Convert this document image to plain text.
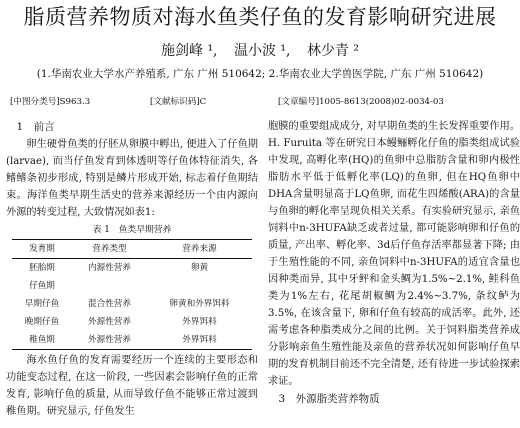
脂质营养物质对海水鱼类仔鱼的发育影响研究进展
施剑峰 ¹, 温小波 ¹, 林少青 ²
(1.华南农业大学水产养殖系, 广东 广州 510642; 2.华南农业大学兽医学院, 广东 广州 510642)
[中图分类号]S963.3	[文献标识码]C	[文章编号]1005-8613(2008)02-0034-03

1　前言

卵生硬骨鱼类的仔胚从卵膜中孵出, 便进入了仔鱼期(larvae), 而当仔鱼发育到体透明等仔鱼体特征消失, 各鳍鳍条初步形成, 特别是鳞片形成开始, 标志着仔鱼期结束。海洋鱼类早期生活史的营养来源经历一个由内源向外源的转变过程, 大致情况如表1:

表 1　鱼类早期营养
发育期	营养类型	营养来源
胚胎期	内源性营养	卵黄
仔鱼期		
早期仔鱼	混合性营养	卵黄和外界饵料
晚期仔鱼	外源性营养	外界饵料
稚鱼期	外源性营养	外界饵料

海水鱼仔鱼的发育需要经历一个连续的主要形态和功能变态过程, 在这一阶段, 一些因素会影响仔鱼的正常发育, 影响仔鱼的质量, 从而导致仔鱼不能够正常过渡到稚鱼期。研究显示, 仔鱼发生

胞膜的重要组成成分, 对早期鱼类的生长发挥重要作用。H. Furuita 等在研究日本鳗鲡孵化仔鱼的脂类组成试验中发现, 高孵化率(HQ)的鱼卵中总脂肪含量和卵内极性脂肪水平低于低孵化率(LQ)的鱼卵, 但在HQ鱼卵中DHA含量明显高于LQ鱼卵, 而花生四烯酸(ARA)的含量与鱼卵的孵化率呈现负相关关系。有实验研究显示, 亲鱼饲料中n-3HUFA缺乏或者过量, 都可能影响卵和仔鱼的质量, 产出率、孵化率、3d后仔鱼存活率都显著下降; 由于生殖性能的不同, 亲鱼饲料中n-3HUFA的适宜含量也因种类而异, 其中牙鲆和金头鲷为1.5%~2.1%, 鲑科鱼类为1%左右, 花尾胡椒鲷为2.4%~3.7%, 条纹鲈为3.5%, 在该含量下, 卵和仔鱼有较高的成活率。此外, 还需考虑各种脂类成分之间的比例。关于饲料脂类营养成分影响亲鱼生殖性能及亲鱼的营养状况如何影响仔鱼早期的发育机制目前还不完全清楚, 还有待进一步试验探索求证。

3　外源脂类营养物质
